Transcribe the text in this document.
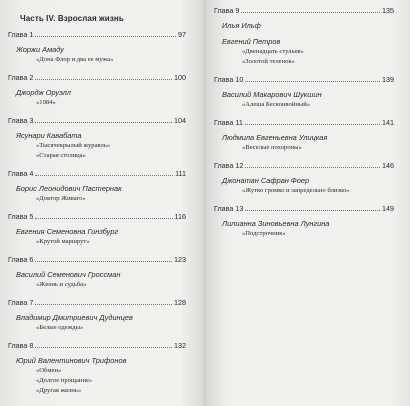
Часть IV. Взрослая жизнь
Глава 1	97
Жоржи Амаду
«Дона Флор и два ее мужа»
Глава 2	100
Джордж Оруэлл
«1984»
Глава 3	104
Ясунари Кавабата
«Тысячекрылый журавль»
«Старая столица»
Глава 4	111
Борис Леонидович Пастернак
«Доктор Живаго»
Глава 5	116
Евгения Семеновна Гинзбург
«Крутой маршрут»
Глава 6	123
Василий Семенович Гроссман
«Жизнь и судьба»
Глава 7	128
Владимир Дмитриевич Дудинцев
«Белые одежды»
Глава 8	132
Юрий Валентинович Трифонов
«Обмен»
«Долгое прощание»
«Другая жизнь»
Глава 9	135
Илья Ильф
Евгений Петров
«Двенадцать стульев»
«Золотой теленок»
Глава 10	139
Василий Макарович Шукшин
«Алеша Бесконвойный»
Глава 11	141
Людмила Евгеньевна Улицкая
«Веселые похороны»
Глава 12	146
Джонатан Сафран Фоер
«Жутко громко и запредельно близко»
Глава 13	149
Лилианна Зиновьевна Лунгина
«Подстрочник»
